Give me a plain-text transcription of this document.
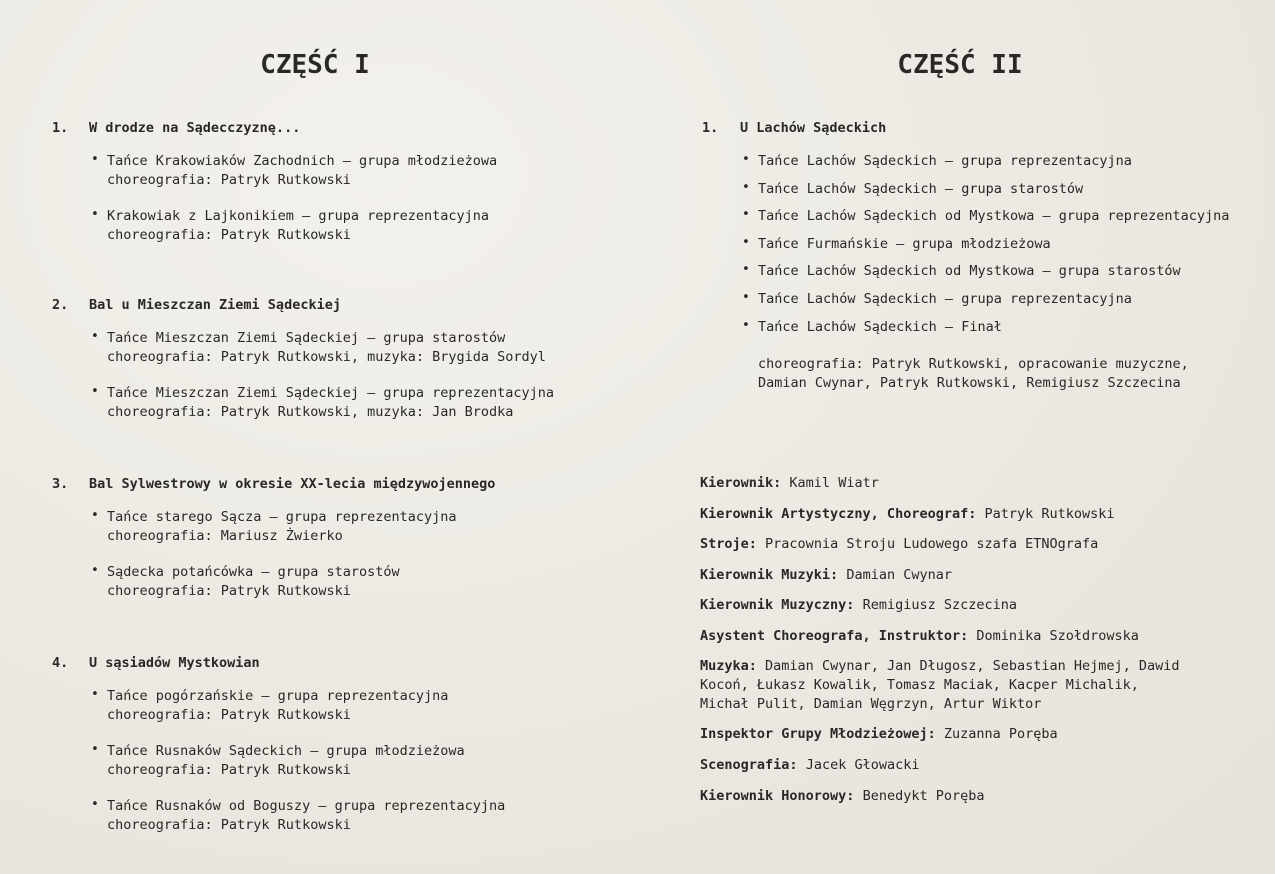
CZĘŚĆ I
1. W drodze na Sądecczyznę...
• Tańce Krakowiaków Zachodnich – grupa młodzieżowa
choreografia: Patryk Rutkowski
• Krakowiak z Lajkonikiem – grupa reprezentacyjna
choreografia: Patryk Rutkowski
2. Bal u Mieszczan Ziemi Sądeckiej
• Tańce Mieszczan Ziemi Sądeckiej – grupa starostów
choreografia: Patryk Rutkowski, muzyka: Brygida Sordyl
• Tańce Mieszczan Ziemi Sądeckiej – grupa reprezentacyjna
choreografia: Patryk Rutkowski, muzyka: Jan Brodka
3. Bal Sylwestrowy w okresie XX-lecia międzywojennego
• Tańce starego Sącza – grupa reprezentacyjna
choreografia: Mariusz Żwierko
• Sądecka potańcówka – grupa starostów
choreografia: Patryk Rutkowski
4. U sąsiadów Mystkowian
• Tańce pogórzańskie – grupa reprezentacyjna
choreografia: Patryk Rutkowski
• Tańce Rusnaków Sądeckich – grupa młodzieżowa
choreografia: Patryk Rutkowski
• Tańce Rusnaków od Boguszy – grupa reprezentacyjna
choreografia: Patryk Rutkowski
CZĘŚĆ II
1. U Lachów Sądeckich
• Tańce Lachów Sądeckich – grupa reprezentacyjna
• Tańce Lachów Sądeckich – grupa starostów
• Tańce Lachów Sądeckich od Mystkowa – grupa reprezentacyjna
• Tańce Furmańskie – grupa młodzieżowa
• Tańce Lachów Sądeckich od Mystkowa – grupa starostów
• Tańce Lachów Sądeckich – grupa reprezentacyjna
• Tańce Lachów Sądeckich – Finał
choreografia: Patryk Rutkowski, opracowanie muzyczne,
Damian Cwynar, Patryk Rutkowski, Remigiusz Szczecina
Kierownik: Kamil Wiatr
Kierownik Artystyczny, Choreograf: Patryk Rutkowski
Stroje: Pracownia Stroju Ludowego szafa ETNOgrafa
Kierownik Muzyki: Damian Cwynar
Kierownik Muzyczny: Remigiusz Szczecina
Asystent Choreografa, Instruktor: Dominika Szołdrowska
Muzyka: Damian Cwynar, Jan Długosz, Sebastian Hejmej, Dawid
Kocoń, Łukasz Kowalik, Tomasz Maciak, Kacper Michalik,
Michał Pulit, Damian Węgrzyn, Artur Wiktor
Inspektor Grupy Młodzieżowej: Zuzanna Poręba
Scenografia: Jacek Głowacki
Kierownik Honorowy: Benedykt Poręba
